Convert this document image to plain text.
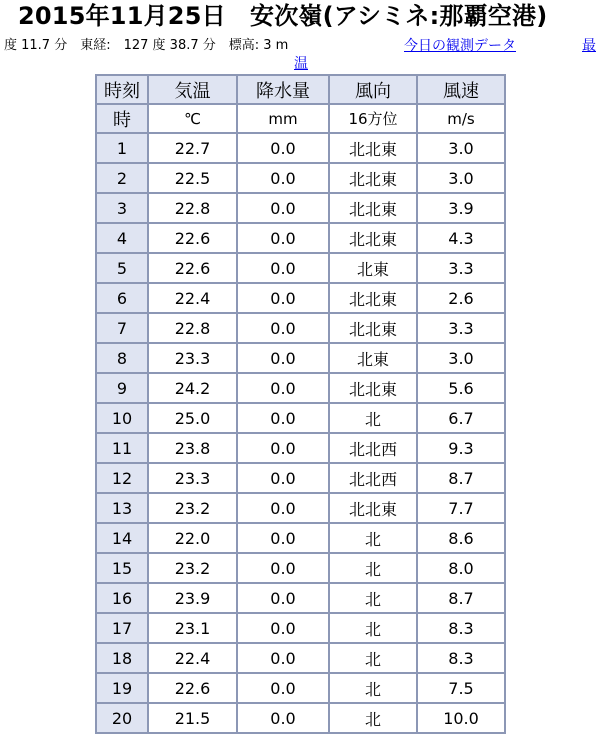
2015年11月25日　安次嶺(アシミネ:那覇空港)
度 11.7 分　東経:　127 度 38.7 分　標高: 3 m	今日の観測データ	最
温
時刻	気温	降水量	風向	風速
時	℃	mm	16方位	m/s
1	22.7	0.0	北北東	3.0
2	22.5	0.0	北北東	3.0
3	22.8	0.0	北北東	3.9
4	22.6	0.0	北北東	4.3
5	22.6	0.0	北東	3.3
6	22.4	0.0	北北東	2.6
7	22.8	0.0	北北東	3.3
8	23.3	0.0	北東	3.0
9	24.2	0.0	北北東	5.6
10	25.0	0.0	北	6.7
11	23.8	0.0	北北西	9.3
12	23.3	0.0	北北西	8.7
13	23.2	0.0	北北東	7.7
14	22.0	0.0	北	8.6
15	23.2	0.0	北	8.0
16	23.9	0.0	北	8.7
17	23.1	0.0	北	8.3
18	22.4	0.0	北	8.3
19	22.6	0.0	北	7.5
20	21.5	0.0	北	10.0
